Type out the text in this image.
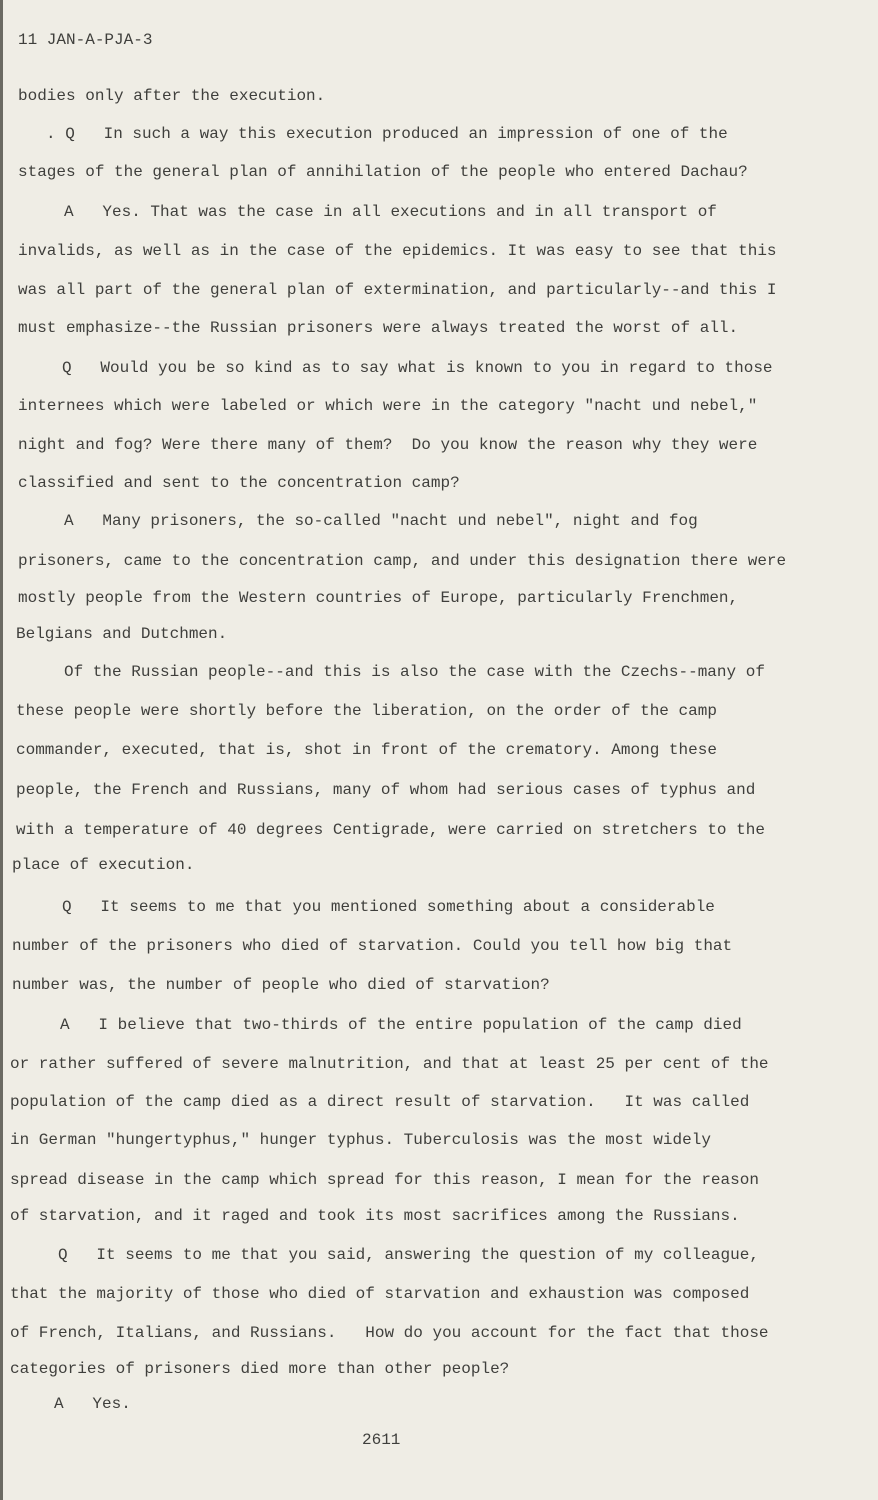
11 JAN-A-PJA-3
bodies only after the execution.
. Q   In such a way this execution produced an impression of one of the
stages of the general plan of annihilation of the people who entered Dachau?
A   Yes. That was the case in all executions and in all transport of
invalids, as well as in the case of the epidemics. It was easy to see that this
was all part of the general plan of extermination, and particularly--and this I
must emphasize--the Russian prisoners were always treated the worst of all.
Q   Would you be so kind as to say what is known to you in regard to those
internees which were labeled or which were in the category "nacht und nebel,"
night and fog? Were there many of them?  Do you know the reason why they were
classified and sent to the concentration camp?
A   Many prisoners, the so-called "nacht und nebel", night and fog
prisoners, came to the concentration camp, and under this designation there were
mostly people from the Western countries of Europe, particularly Frenchmen,
Belgians and Dutchmen.
Of the Russian people--and this is also the case with the Czechs--many of
these people were shortly before the liberation, on the order of the camp
commander, executed, that is, shot in front of the crematory. Among these
people, the French and Russians, many of whom had serious cases of typhus and
with a temperature of 40 degrees Centigrade, were carried on stretchers to the
place of execution.
Q   It seems to me that you mentioned something about a considerable
number of the prisoners who died of starvation. Could you tell how big that
number was, the number of people who died of starvation?
A   I believe that two-thirds of the entire population of the camp died
or rather suffered of severe malnutrition, and that at least 25 per cent of the
population of the camp died as a direct result of starvation.   It was called
in German "hungertyphus," hunger typhus. Tuberculosis was the most widely
spread disease in the camp which spread for this reason, I mean for the reason
of starvation, and it raged and took its most sacrifices among the Russians.
Q   It seems to me that you said, answering the question of my colleague,
that the majority of those who died of starvation and exhaustion was composed
of French, Italians, and Russians.   How do you account for the fact that those
categories of prisoners died more than other people?
A   Yes.
2611
